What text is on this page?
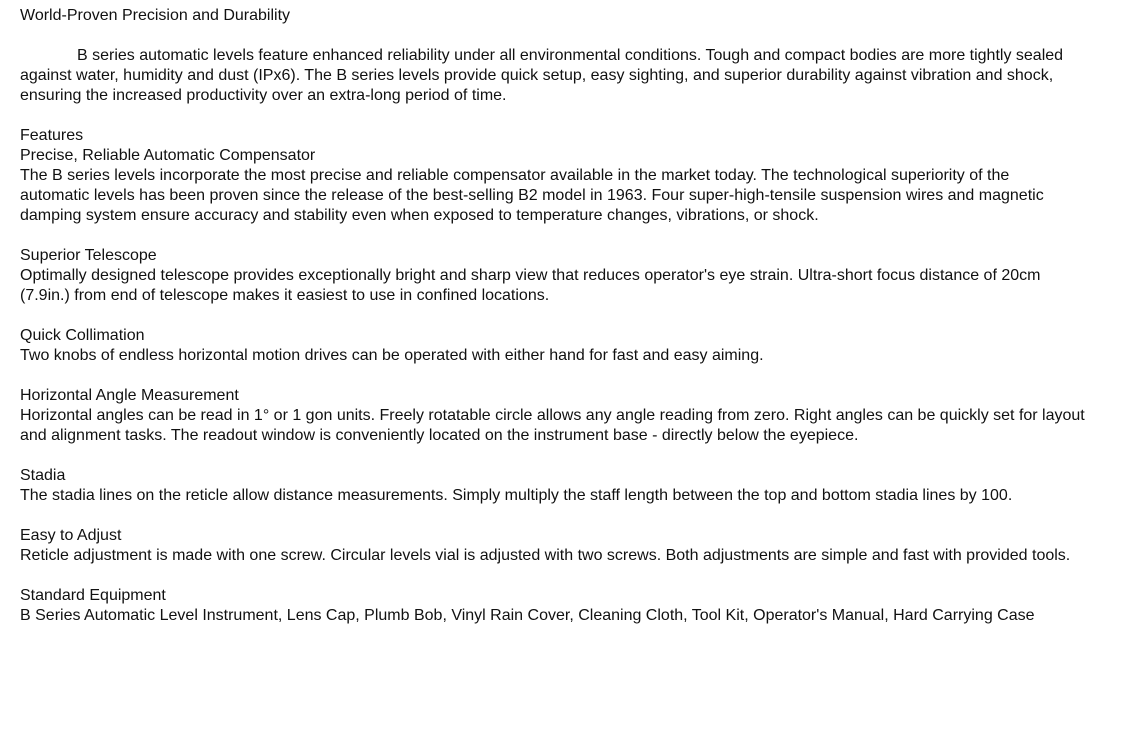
World-Proven Precision and Durability

B series automatic levels feature enhanced reliability under all environmental conditions. Tough and compact bodies are more tightly sealed against water, humidity and dust (IPx6). The B series levels provide quick setup, easy sighting, and superior durability against vibration and shock, ensuring the increased productivity over an extra-long period of time.

Features

Precise, Reliable Automatic Compensator

The B series levels incorporate the most precise and reliable compensator available in the market today. The technological superiority of theautomatic levels has been proven since the release of the best-selling B2 model in 1963. Four super-high-tensile suspension wires and magnetic damping system ensure accuracy and stability even when exposed to temperature changes, vibrations, or shock.

Superior Telescope

Optimally designed telescope provides exceptionally bright and sharp view that reduces operator's eye strain. Ultra-short focus distance of 20cm (7.9in.) from end of telescope makes it easiest to use in confined locations.

Quick Collimation

Two knobs of endless horizontal motion drives can be operated with either hand for fast and easy aiming.

Horizontal Angle Measurement

Horizontal angles can be read in 1° or 1 gon units. Freely rotatable circle allows any angle reading from zero. Right angles can be quickly set for layout and alignment tasks. The readout window is conveniently located on the instrument base - directly below the eyepiece.

Stadia

The stadia lines on the reticle allow distance measurements. Simply multiply the staff length between the top and bottom stadia lines by 100.

Easy to Adjust

Reticle adjustment is made with one screw. Circular levels vial is adjusted with two screws. Both adjustments are simple and fast with provided tools.

Standard Equipment

B Series Automatic Level Instrument, Lens Cap, Plumb Bob, Vinyl Rain Cover, Cleaning Cloth, Tool Kit, Operator's Manual, Hard Carrying Case
